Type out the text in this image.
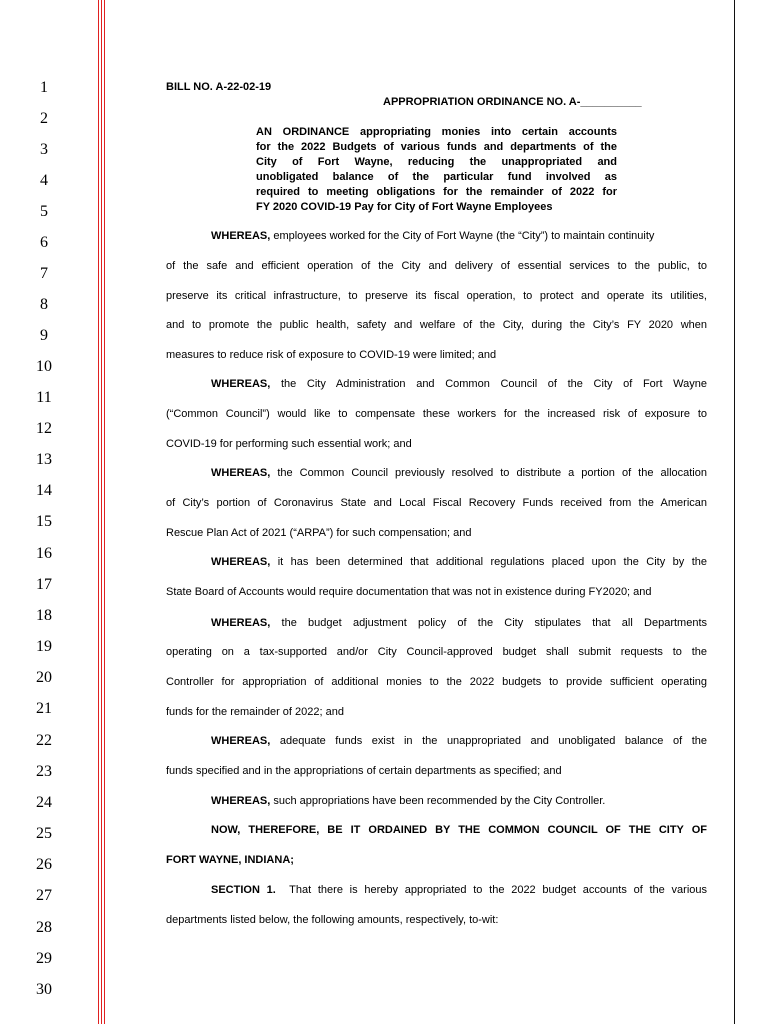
1
2
3
4
5
6
7
8
9
10
11
12
13
14
15
16
17
18
19
20
21
22
23
24
25
26
27
28
29
30
BILL NO. A-22-02-19
APPROPRIATION ORDINANCE NO. A-__________
AN ORDINANCE appropriating monies into certain accounts
for the 2022 Budgets of various funds and departments of the
City of Fort Wayne, reducing the unappropriated and
unobligated balance of the particular fund involved as
required to meeting obligations for the remainder of 2022 for
FY 2020 COVID-19 Pay for City of Fort Wayne Employees
WHEREAS, employees worked for the City of Fort Wayne (the “City”) to maintain continuity
of the safe and efficient operation of the City and delivery of essential services to the public, to
preserve its critical infrastructure, to preserve its fiscal operation, to protect and operate its utilities,
and to promote the public health, safety and welfare of the City, during the City’s FY 2020 when
measures to reduce risk of exposure to COVID-19 were limited; and
WHEREAS, the City Administration and Common Council of the City of Fort Wayne
(“Common Council”) would like to compensate these workers for the increased risk of exposure to
COVID-19 for performing such essential work; and
WHEREAS, the Common Council previously resolved to distribute a portion of the allocation
of City’s portion of Coronavirus State and Local Fiscal Recovery Funds received from the American
Rescue Plan Act of 2021 (“ARPA”) for such compensation; and
WHEREAS, it has been determined that additional regulations placed upon the City by the
State Board of Accounts would require documentation that was not in existence during FY2020; and
WHEREAS, the budget adjustment policy of the City stipulates that all Departments
operating on a tax-supported and/or City Council-approved budget shall submit requests to the
Controller for appropriation of additional monies to the 2022 budgets to provide sufficient operating
funds for the remainder of 2022; and
WHEREAS, adequate funds exist in the unappropriated and unobligated balance of the
funds specified and in the appropriations of certain departments as specified; and
WHEREAS, such appropriations have been recommended by the City Controller.
NOW, THEREFORE, BE IT ORDAINED BY THE COMMON COUNCIL OF THE CITY OF
FORT WAYNE, INDIANA;
SECTION 1. That there is hereby appropriated to the 2022 budget accounts of the various
departments listed below, the following amounts, respectively, to-wit:
